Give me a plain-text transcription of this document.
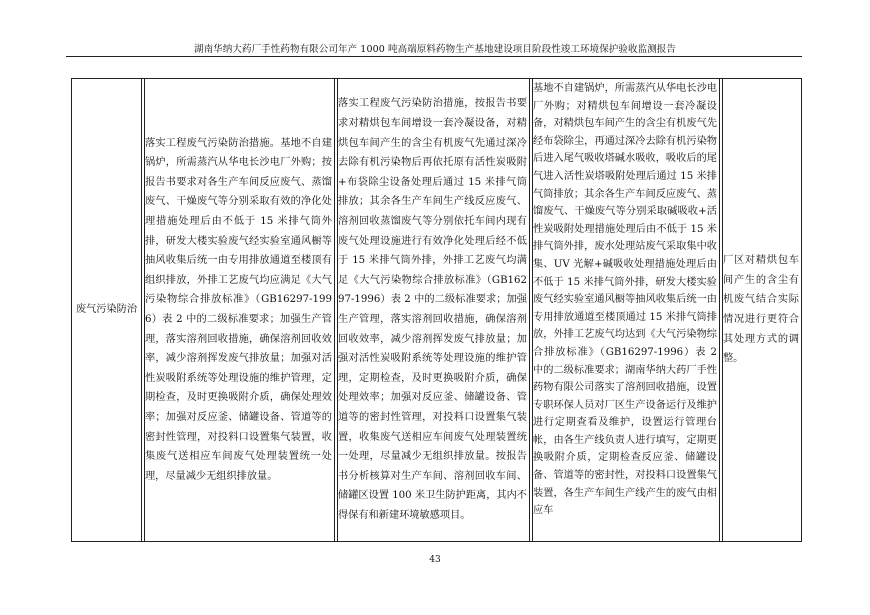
湖南华纳大药厂手性药物有限公司年产 1000 吨高端原料药物生产基地建设项目阶段性竣工环境保护验收监测报告

废气污染防治

落实工程废气污染防治措施。基地不自建锅炉，所需蒸汽从华电长沙电厂外购；按报告书要求对各生产车间反应废气、蒸馏废气、干燥废气等分别采取有效的净化处理措施处理后由不低于 15 米排气筒外排，研发大楼实验废气经实验室通风橱等抽风收集后统一由专用排放通道至楼顶有组织排放，外排工艺废气均应满足《大气污染物综合排放标准》（GB16297-1996）表 2 中的二级标准要求；加强生产管理，落实溶剂回收措施，确保溶剂回收效率，减少溶剂挥发废气排放量；加强对活性炭吸附系统等处理设施的维护管理，定期检查，及时更换吸附介质，确保处理效率；加强对反应釜、储罐设备、管道等的密封性管理，对投料口设置集气装置，收集废气送相应车间废气处理装置统一处理，尽量减少无组织排放量。

落实工程废气污染防治措施，按报告书要求对精烘包车间增设一套冷凝设备，对精烘包车间产生的含尘有机废气先通过深冷去除有机污染物后再依托原有活性炭吸附+布袋除尘设备处理后通过 15 米排气筒排放；其余各生产车间生产线反应废气、溶剂回收蒸馏废气等分别依托车间内现有废气处理设施进行有效净化处理后经不低于 15 米排气筒外排，外排工艺废气均满足《大气污染物综合排放标准》（GB16297-1996）表 2 中的二级标准要求；加强生产管理，落实溶剂回收措施，确保溶剂回收效率，减少溶剂挥发废气排放量；加强对活性炭吸附系统等处理设施的维护管理，定期检查，及时更换吸附介质，确保处理效率；加强对反应釜、储罐设备、管道等的密封性管理，对投料口设置集气装置，收集废气送相应车间废气处理装置统一处理，尽量减少无组织排放量。按报告书分析核算对生产车间、溶剂回收车间、储罐区设置 100 米卫生防护距离，其内不得保有和新建环境敏感项目。

基地不自建锅炉，所需蒸汽从华电长沙电厂外购；对精烘包车间增设一套冷凝设备，对精烘包车间产生的含尘有机废气先经布袋除尘，再通过深冷去除有机污染物后进入尾气吸收塔碱水吸收，吸收后的尾气进入活性炭塔吸附处理后通过 15 米排气筒排放；其余各生产车间反应废气、蒸馏废气、干燥废气等分别采取碱吸收+活性炭吸附处理措施处理后由不低于 15 米排气筒外排，废水处理站废气采取集中收集、UV 光解+碱吸收处理措施处理后由不低于 15 米排气筒外排，研发大楼实验废气经实验室通风橱等抽风收集后统一由专用排放通道至楼顶通过 15 米排气筒排放，外排工艺废气均达到《大气污染物综合排放标准》（GB16297-1996）表 2 中的二级标准要求；湖南华纳大药厂手性药物有限公司落实了溶剂回收措施，设置专职环保人员对厂区生产设备运行及维护进行定期查看及维护，设置运行管理台帐，由各生产线负责人进行填写，定期更换吸附介质，定期检查反应釜、储罐设备、管道等的密封性，对投料口设置集气装置，各生产车间生产线产生的废气由相应车

厂区对精烘包车间产生的含尘有机废气结合实际情况进行更符合其处理方式的调整。

43
